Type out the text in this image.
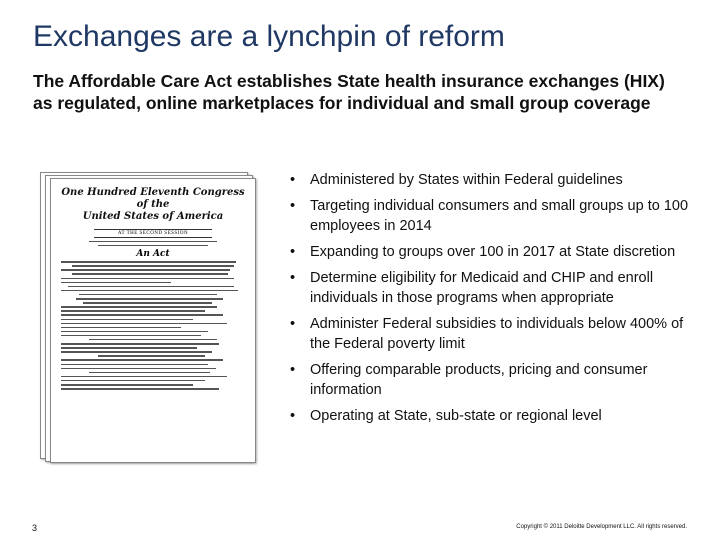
Exchanges are a lynchpin of reform

The Affordable Care Act establishes State health insurance exchanges (HIX) as regulated, online marketplaces for individual and small group coverage

One Hundred Eleventh Congress
of the
United States of America
AT THE SECOND SESSION
An Act
• Administered by States within Federal guidelines
• Targeting individual consumers and small groups up to 100 employees in 2014
• Expanding to groups over 100 in 2017 at State discretion
• Determine eligibility for Medicaid and CHIP and enroll individuals in those programs when appropriate
• Administer Federal subsidies to individuals below 400% of the Federal poverty limit
• Offering comparable products, pricing and consumer information
• Operating at State, sub-state or regional level
3	Copyright © 2011 Deloitte Development LLC. All rights reserved.
